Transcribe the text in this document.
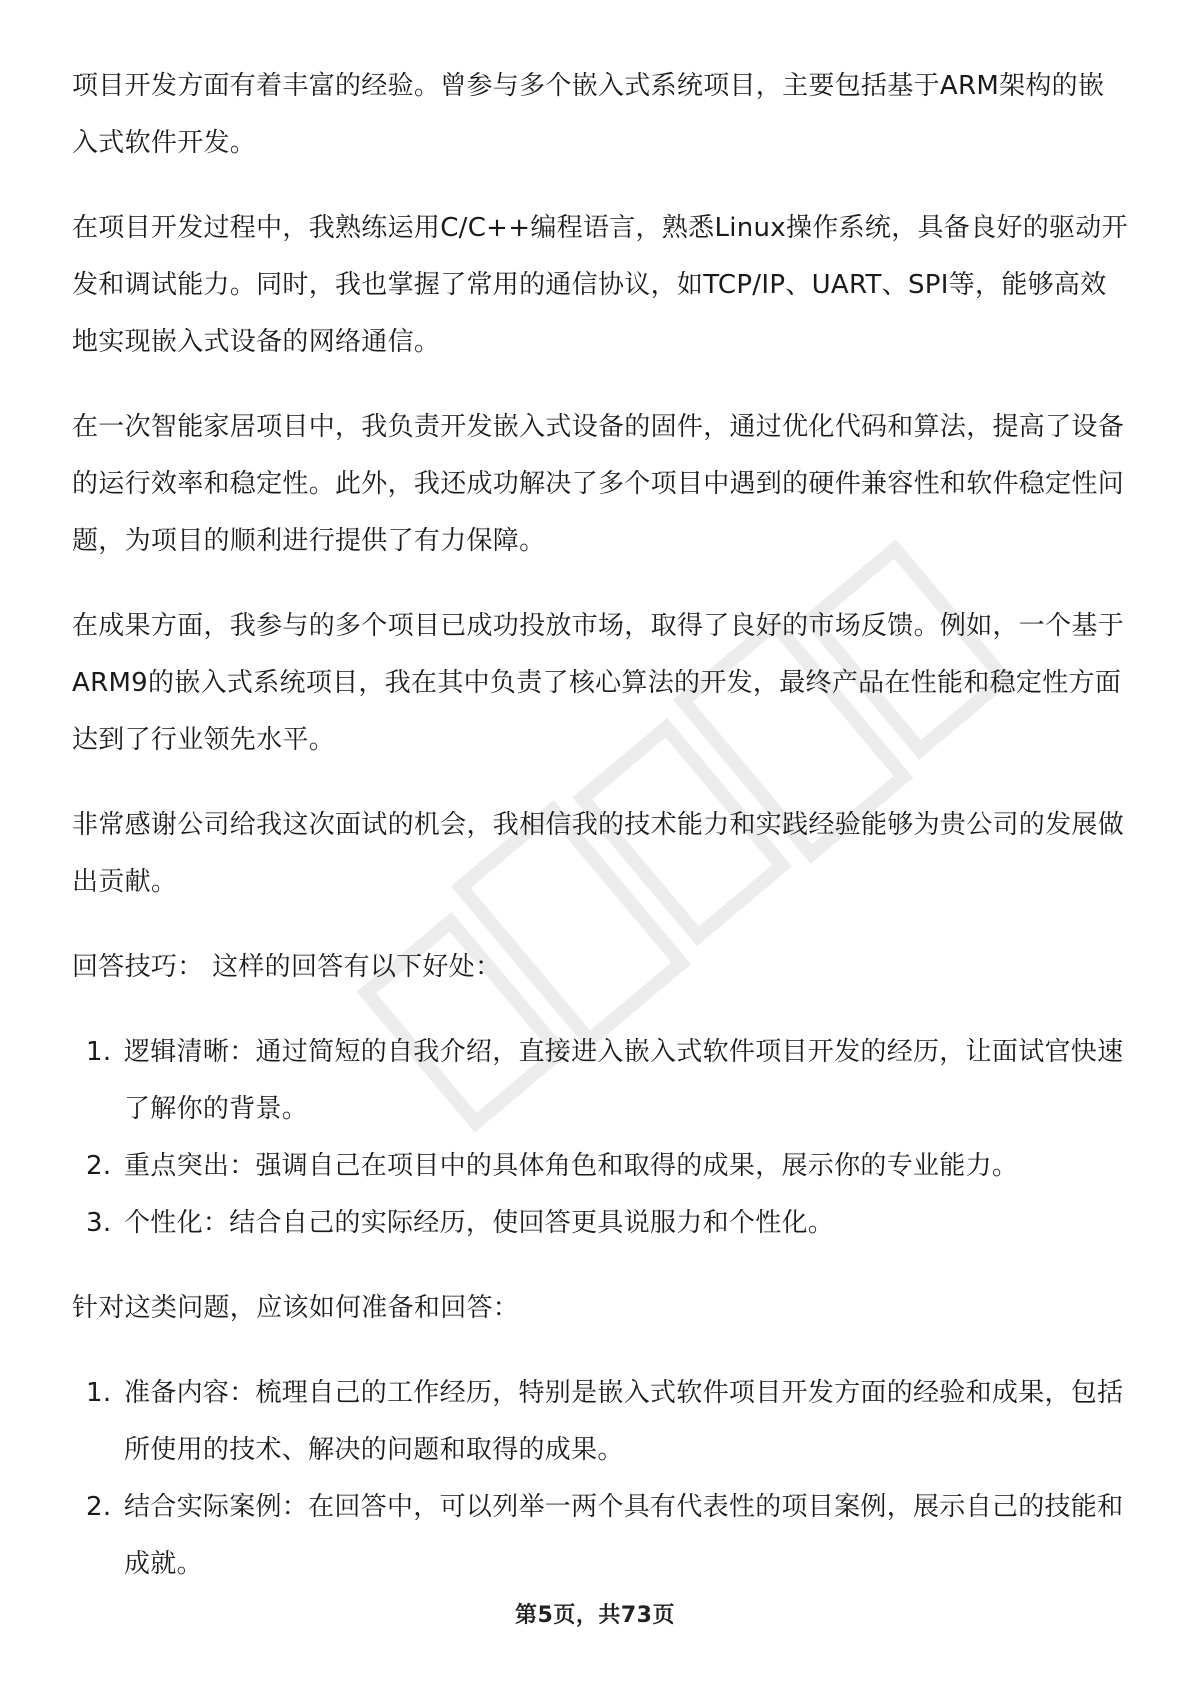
项目开发方面有着丰富的经验。曾参与多个嵌入式系统项目，主要包括基于ARM架构的嵌入式软件开发。

在项目开发过程中，我熟练运用C/C++编程语言，熟悉Linux操作系统，具备良好的驱动开发和调试能力。同时，我也掌握了常用的通信协议，如TCP/IP、UART、SPI等，能够高效地实现嵌入式设备的网络通信。

在一次智能家居项目中，我负责开发嵌入式设备的固件，通过优化代码和算法，提高了设备的运行效率和稳定性。此外，我还成功解决了多个项目中遇到的硬件兼容性和软件稳定性问题，为项目的顺利进行提供了有力保障。

在成果方面，我参与的多个项目已成功投放市场，取得了良好的市场反馈。例如，一个基于ARM9的嵌入式系统项目，我在其中负责了核心算法的开发，最终产品在性能和稳定性方面达到了行业领先水平。

非常感谢公司给我这次面试的机会，我相信我的技术能力和实践经验能够为贵公司的发展做出贡献。

回答技巧： 这样的回答有以下好处：

1. 逻辑清晰：通过简短的自我介绍，直接进入嵌入式软件项目开发的经历，让面试官快速了解你的背景。
2. 重点突出：强调自己在项目中的具体角色和取得的成果，展示你的专业能力。
3. 个性化：结合自己的实际经历，使回答更具说服力和个性化。

针对这类问题，应该如何准备和回答：

1. 准备内容：梳理自己的工作经历，特别是嵌入式软件项目开发方面的经验和成果，包括所使用的技术、解决的问题和取得的成果。
2. 结合实际案例：在回答中，可以列举一两个具有代表性的项目案例，展示自己的技能和成就。
第5页，共73页
